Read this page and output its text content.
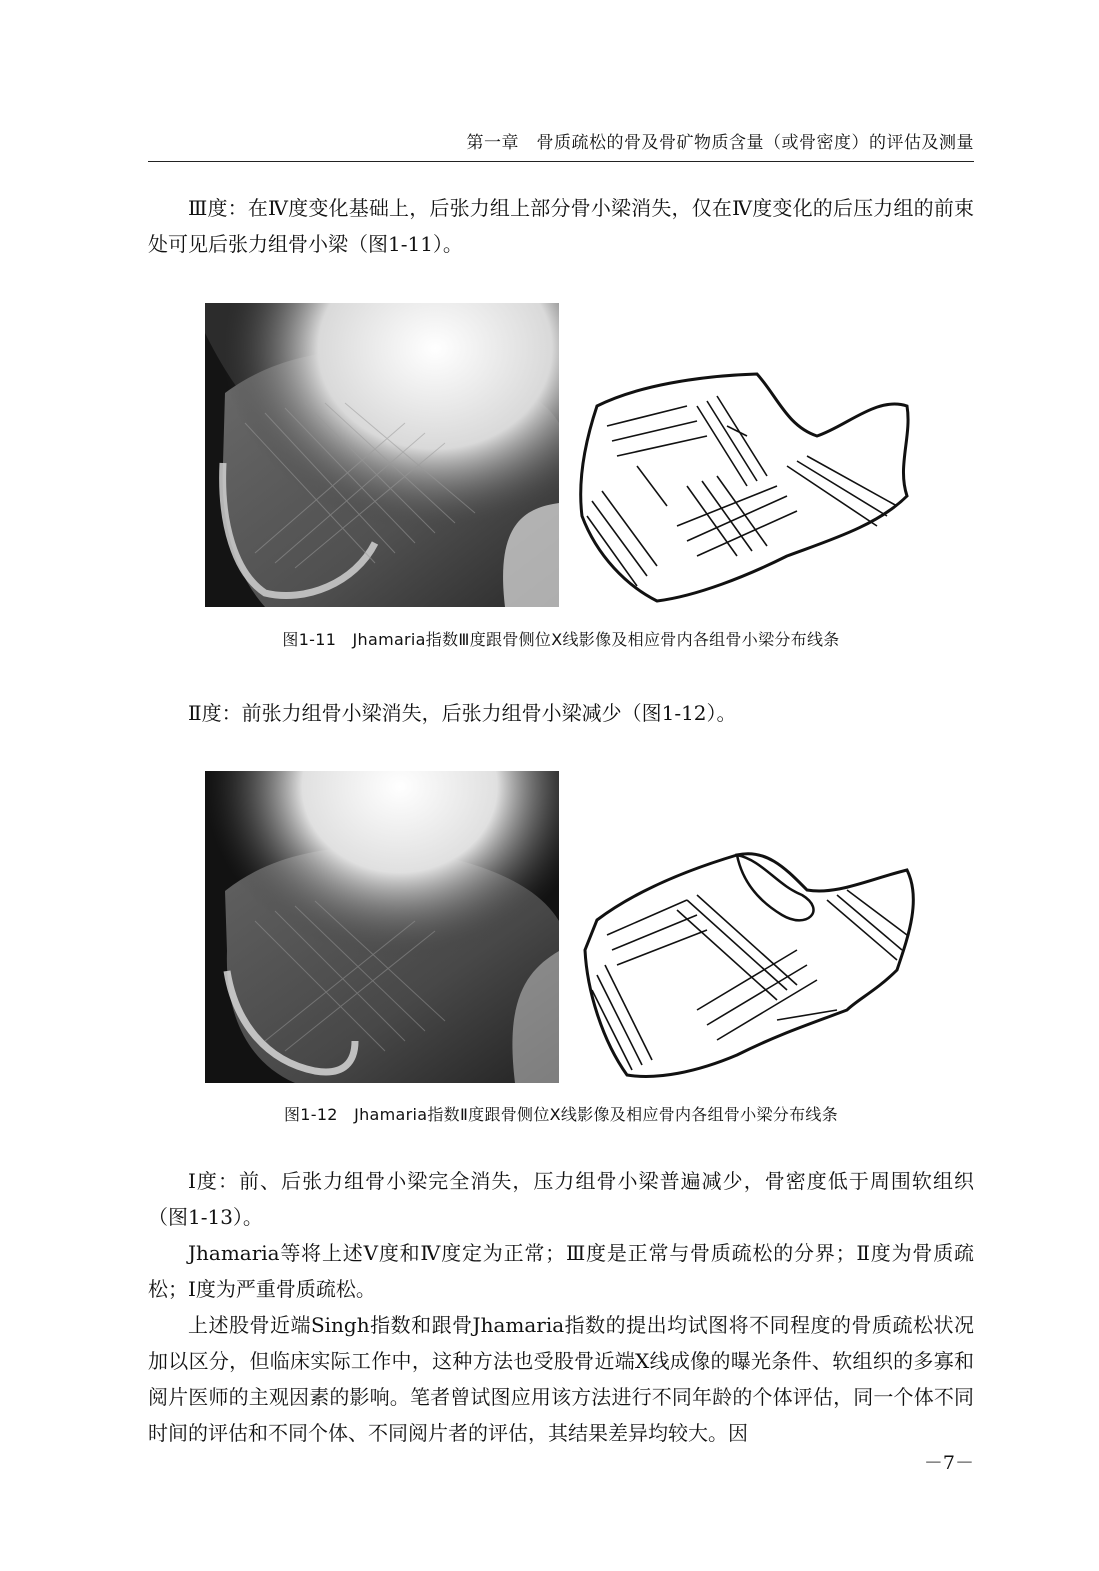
第一章　骨质疏松的骨及骨矿物质含量（或骨密度）的评估及测量

Ⅲ度：在Ⅳ度变化基础上，后张力组上部分骨小梁消失，仅在Ⅳ度变化的后压力组的前束处可见后张力组骨小梁（图1-11）。

图1-11　Jhamaria指数Ⅲ度跟骨侧位X线影像及相应骨内各组骨小梁分布线条

Ⅱ度：前张力组骨小梁消失，后张力组骨小梁减少（图1-12）。

图1-12　Jhamaria指数Ⅱ度跟骨侧位X线影像及相应骨内各组骨小梁分布线条

Ⅰ度：前、后张力组骨小梁完全消失，压力组骨小梁普遍减少，骨密度低于周围软组织（图1-13）。

Jhamaria等将上述Ⅴ度和Ⅳ度定为正常；Ⅲ度是正常与骨质疏松的分界；Ⅱ度为骨质疏松；Ⅰ度为严重骨质疏松。

上述股骨近端Singh指数和跟骨Jhamaria指数的提出均试图将不同程度的骨质疏松状况加以区分，但临床实际工作中，这种方法也受股骨近端X线成像的曝光条件、软组织的多寡和阅片医师的主观因素的影响。笔者曾试图应用该方法进行不同年龄的个体评估，同一个体不同时间的评估和不同个体、不同阅片者的评估，其结果差异均较大。因

－7－
